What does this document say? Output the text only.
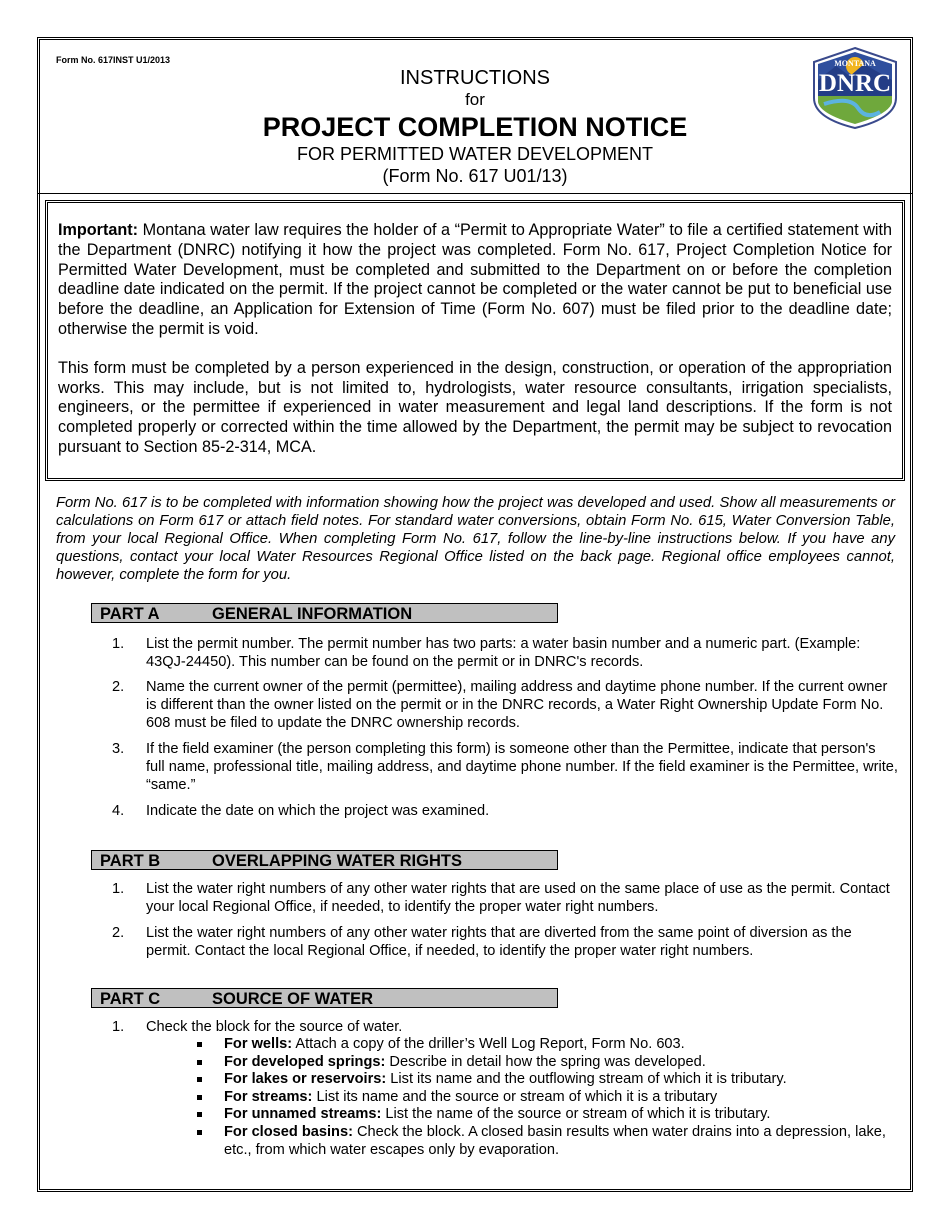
Form No. 617INST U1/2013
INSTRUCTIONS
for
PROJECT COMPLETION NOTICE
FOR PERMITTED WATER DEVELOPMENT
(Form No. 617 U01/13)
MONTANA
DNRC

Important: Montana water law requires the holder of a “Permit to Appropriate Water” to file a certified statement with the Department (DNRC) notifying it how the project was completed. Form No. 617, Project Completion Notice for Permitted Water Development, must be completed and submitted to the Department on or before the completion deadline date indicated on the permit. If the project cannot be completed or the water cannot be put to beneficial use before the deadline, an Application for Extension of Time (Form No. 607) must be filed prior to the deadline date; otherwise the permit is void.

This form must be completed by a person experienced in the design, construction, or operation of the appropriation works. This may include, but is not limited to, hydrologists, water resource consultants, irrigation specialists, engineers, or the permittee if experienced in water measurement and legal land descriptions. If the form is not completed properly or corrected within the time allowed by the Department, the permit may be subject to revocation pursuant to Section 85-2-314, MCA.

Form No. 617 is to be completed with information showing how the project was developed and used. Show all measurements or calculations on Form 617 or attach field notes. For standard water conversions, obtain Form No. 615, Water Conversion Table, from your local Regional Office. When completing Form No. 617, follow the line-by-line instructions below. If you have any questions, contact your local Water Resources Regional Office listed on the back page. Regional office employees cannot, however, complete the form for you.

PART A	GENERAL INFORMATION
1. List the permit number. The permit number has two parts: a water basin number and a numeric part. (Example: 43QJ-24450). This number can be found on the permit or in DNRC's records.
2. Name the current owner of the permit (permittee), mailing address and daytime phone number. If the current owner is different than the owner listed on the permit or in the DNRC records, a Water Right Ownership Update Form No. 608 must be filed to update the DNRC ownership records.
3. If the field examiner (the person completing this form) is someone other than the Permittee, indicate that person's full name, professional title, mailing address, and daytime phone number. If the field examiner is the Permittee, write, “same.”
4. Indicate the date on which the project was examined.
PART B	OVERLAPPING WATER RIGHTS
1. List the water right numbers of any other water rights that are used on the same place of use as the permit. Contact your local Regional Office, if needed, to identify the proper water right numbers.
2. List the water right numbers of any other water rights that are diverted from the same point of diversion as the permit. Contact the local Regional Office, if needed, to identify the proper water right numbers.
PART C	SOURCE OF WATER
1. Check the block for the source of water.
For wells: Attach a copy of the driller’s Well Log Report, Form No. 603.
For developed springs: Describe in detail how the spring was developed.
For lakes or reservoirs: List its name and the outflowing stream of which it is tributary.
For streams: List its name and the source or stream of which it is a tributary
For unnamed streams: List the name of the source or stream of which it is tributary.
For closed basins: Check the block. A closed basin results when water drains into a depression, lake, etc., from which water escapes only by evaporation.
